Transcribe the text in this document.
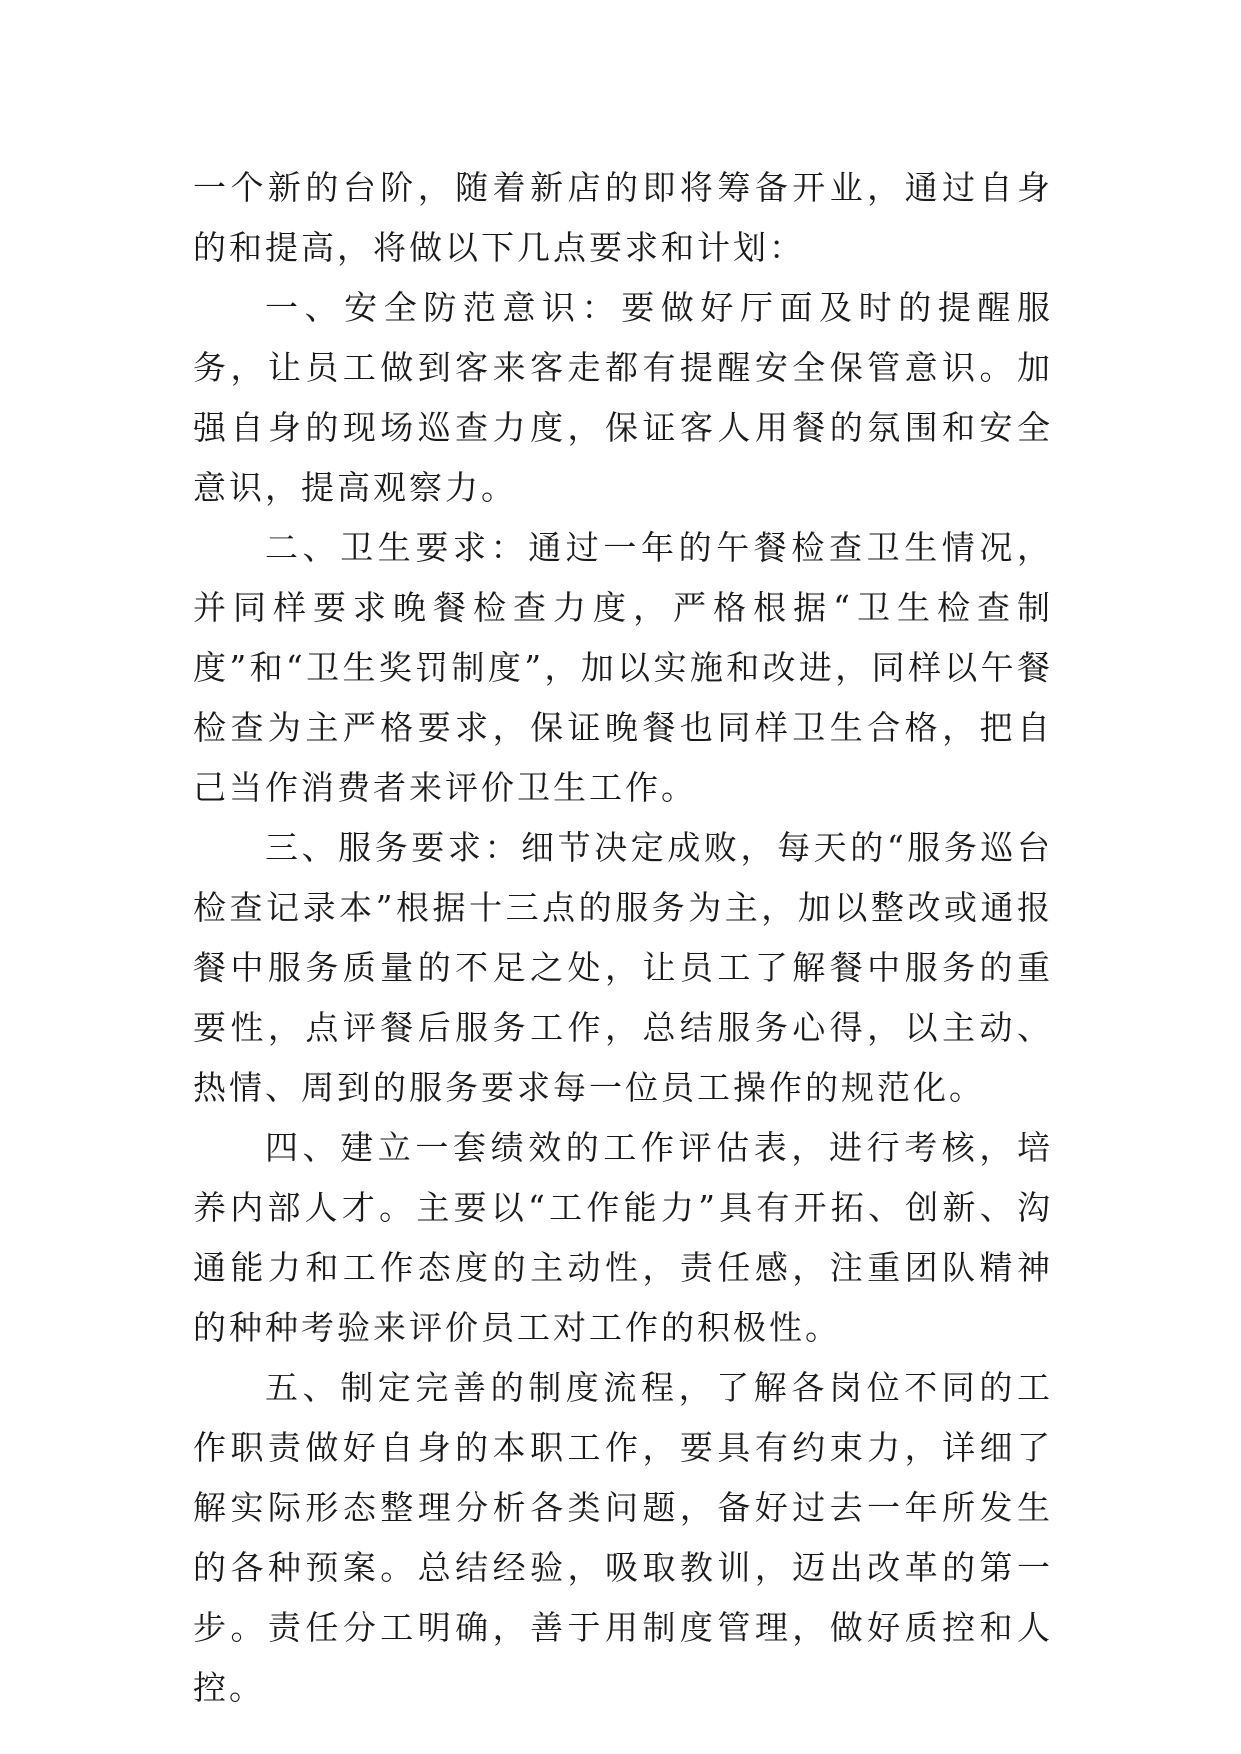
一个新的台阶，随着新店的即将筹备开业，通过自身的和提高，将做以下几点要求和计划：

一、安全防范意识：要做好厅面及时的提醒服务，让员工做到客来客走都有提醒安全保管意识。加强自身的现场巡查力度，保证客人用餐的氛围和安全意识，提高观察力。

二、卫生要求：通过一年的午餐检查卫生情况，并同样要求晚餐检查力度，严格根据“卫生检查制度”和“卫生奖罚制度”，加以实施和改进，同样以午餐检查为主严格要求，保证晚餐也同样卫生合格，把自己当作消费者来评价卫生工作。

三、服务要求：细节决定成败，每天的“服务巡台检查记录本”根据十三点的服务为主，加以整改或通报餐中服务质量的不足之处，让员工了解餐中服务的重要性，点评餐后服务工作，总结服务心得，以主动、热情、周到的服务要求每一位员工操作的规范化。

四、建立一套绩效的工作评估表，进行考核，培养内部人才。主要以“工作能力”具有开拓、创新、沟通能力和工作态度的主动性，责任感，注重团队精神的种种考验来评价员工对工作的积极性。

五、制定完善的制度流程，了解各岗位不同的工作职责做好自身的本职工作，要具有约束力，详细了解实际形态整理分析各类问题，备好过去一年所发生的各种预案。总结经验，吸取教训，迈出改革的第一步。责任分工明确，善于用制度管理，做好质控和人控。
